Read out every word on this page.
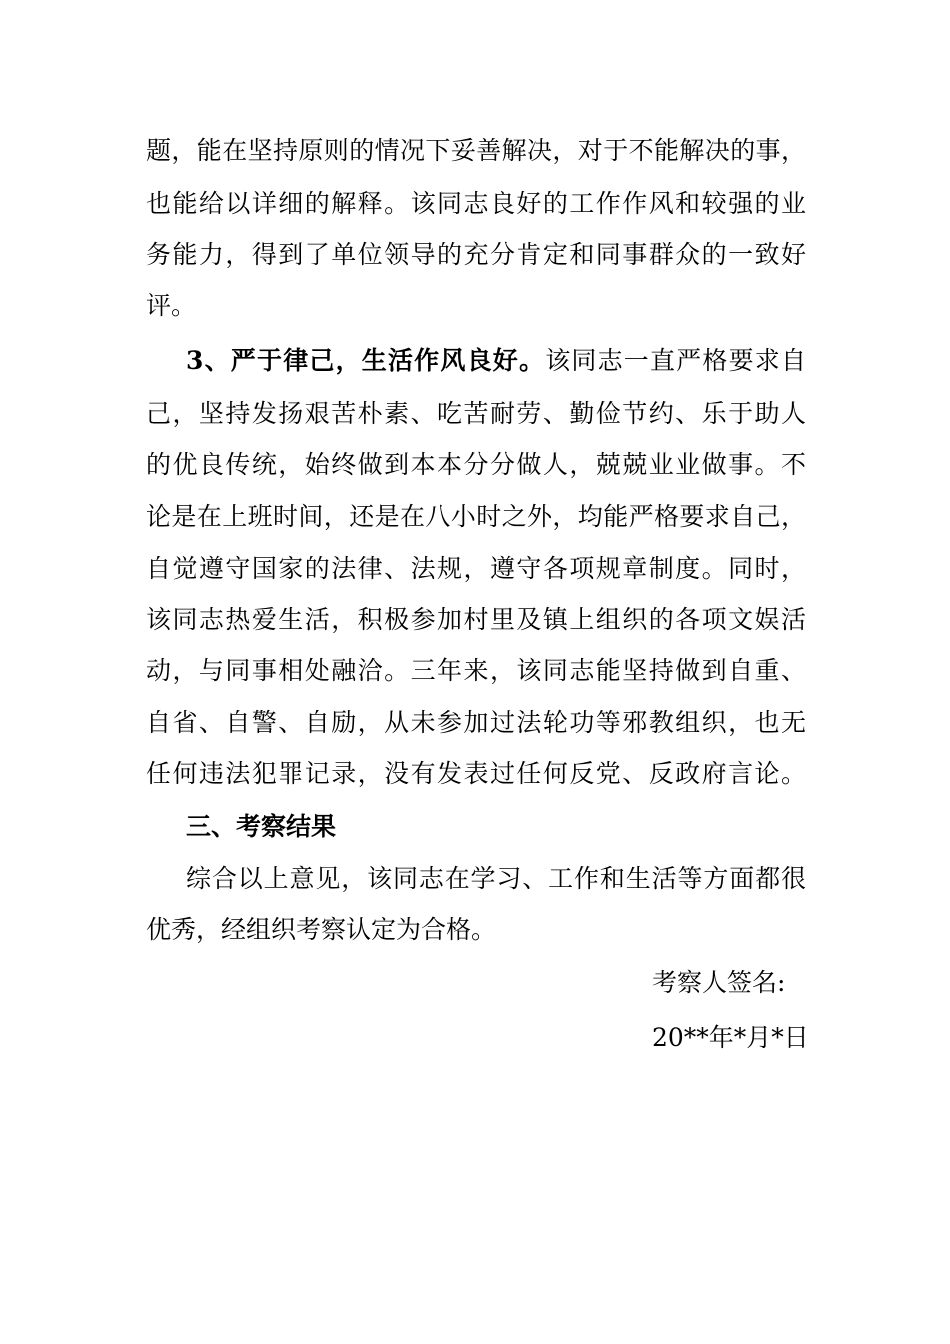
题，能在坚持原则的情况下妥善解决，对于不能解决的事，
也能给以详细的解释。该同志良好的工作作风和较强的业
务能力，得到了单位领导的充分肯定和同事群众的一致好
评。
3、严于律己，生活作风良好。该同志一直严格要求自
己，坚持发扬艰苦朴素、吃苦耐劳、勤俭节约、乐于助人
的优良传统，始终做到本本分分做人，兢兢业业做事。不
论是在上班时间，还是在八小时之外，均能严格要求自己，
自觉遵守国家的法律、法规，遵守各项规章制度。同时，
该同志热爱生活，积极参加村里及镇上组织的各项文娱活
动，与同事相处融洽。三年来，该同志能坚持做到自重、
自省、自警、自励，从未参加过法轮功等邪教组织，也无
任何违法犯罪记录，没有发表过任何反党、反政府言论。
三、考察结果
综合以上意见，该同志在学习、工作和生活等方面都很
优秀，经组织考察认定为合格。
考察人签名:
20**年*月*日
